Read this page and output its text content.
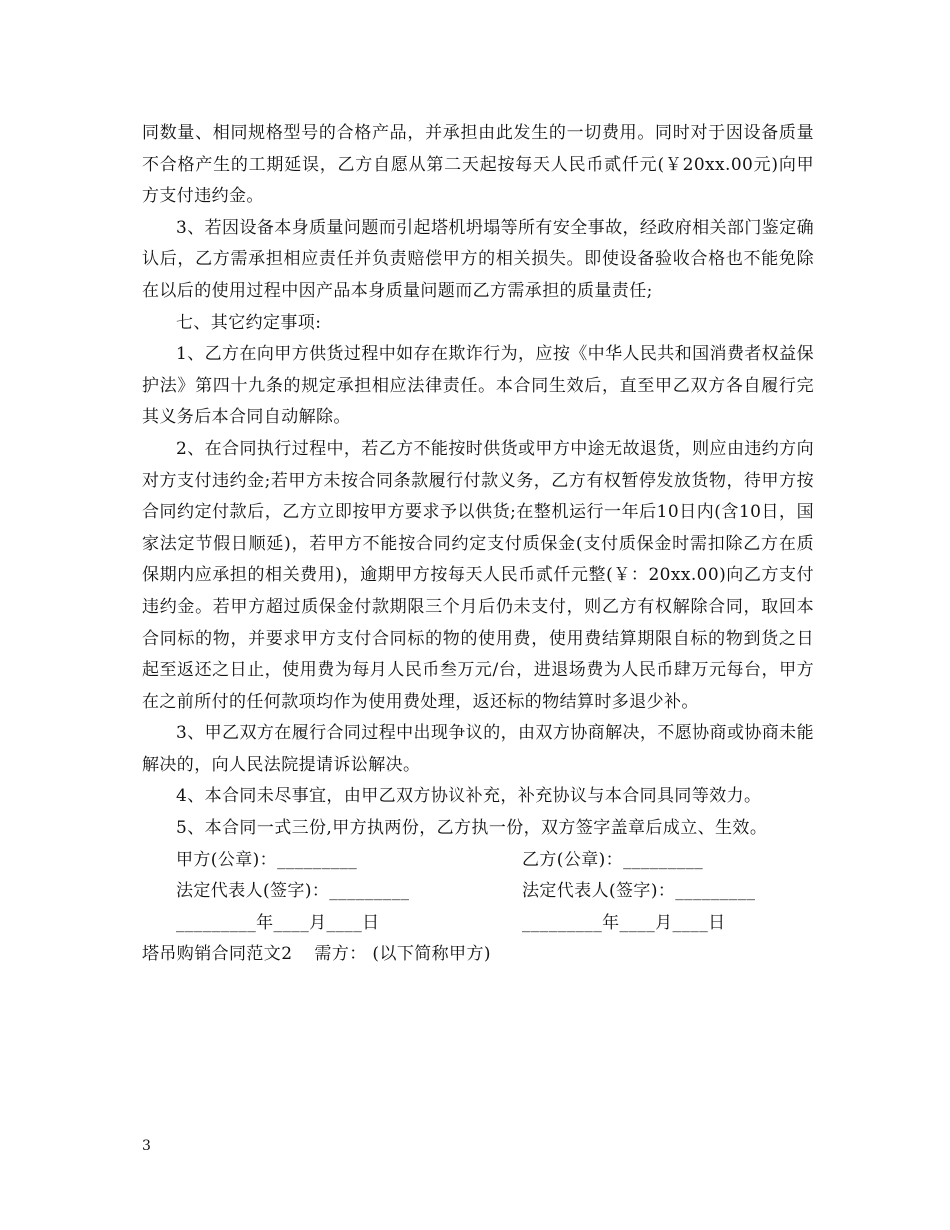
同数量、相同规格型号的合格产品，并承担由此发生的一切费用。同时对于因设备质量不合格产生的工期延误，乙方自愿从第二天起按每天人民币贰仟元(￥20xx.00元)向甲方支付违约金。

3、若因设备本身质量问题而引起塔机坍塌等所有安全事故，经政府相关部门鉴定确认后，乙方需承担相应责任并负责赔偿甲方的相关损失。即使设备验收合格也不能免除在以后的使用过程中因产品本身质量问题而乙方需承担的质量责任;

七、其它约定事项:

1、乙方在向甲方供货过程中如存在欺诈行为，应按《中华人民共和国消费者权益保护法》第四十九条的规定承担相应法律责任。本合同生效后，直至甲乙双方各自履行完其义务后本合同自动解除。

2、在合同执行过程中，若乙方不能按时供货或甲方中途无故退货，则应由违约方向对方支付违约金;若甲方未按合同条款履行付款义务，乙方有权暂停发放货物，待甲方按合同约定付款后，乙方立即按甲方要求予以供货;在整机运行一年后10日内(含10日，国家法定节假日顺延)，若甲方不能按合同约定支付质保金(支付质保金时需扣除乙方在质保期内应承担的相关费用)，逾期甲方按每天人民币贰仟元整(￥：20xx.00)向乙方支付违约金。若甲方超过质保金付款期限三个月后仍未支付，则乙方有权解除合同，取回本合同标的物，并要求甲方支付合同标的物的使用费，使用费结算期限自标的物到货之日起至返还之日止，使用费为每月人民币叁万元/台，进退场费为人民币肆万元每台，甲方在之前所付的任何款项均作为使用费处理，返还标的物结算时多退少补。

3、甲乙双方在履行合同过程中出现争议的，由双方协商解决，不愿协商或协商未能解决的，向人民法院提请诉讼解决。

4、本合同未尽事宜，由甲乙双方协议补充，补充协议与本合同具同等效力。

5、本合同一式三份,甲方执两份，乙方执一份，双方签字盖章后成立、生效。

甲方(公章)：_________	乙方(公章)：_________
法定代表人(签字)：_________	法定代表人(签字)：_________
_________年____月____日	_________年____月____日
塔吊购销合同范文2 需方： (以下简称甲方)
3
